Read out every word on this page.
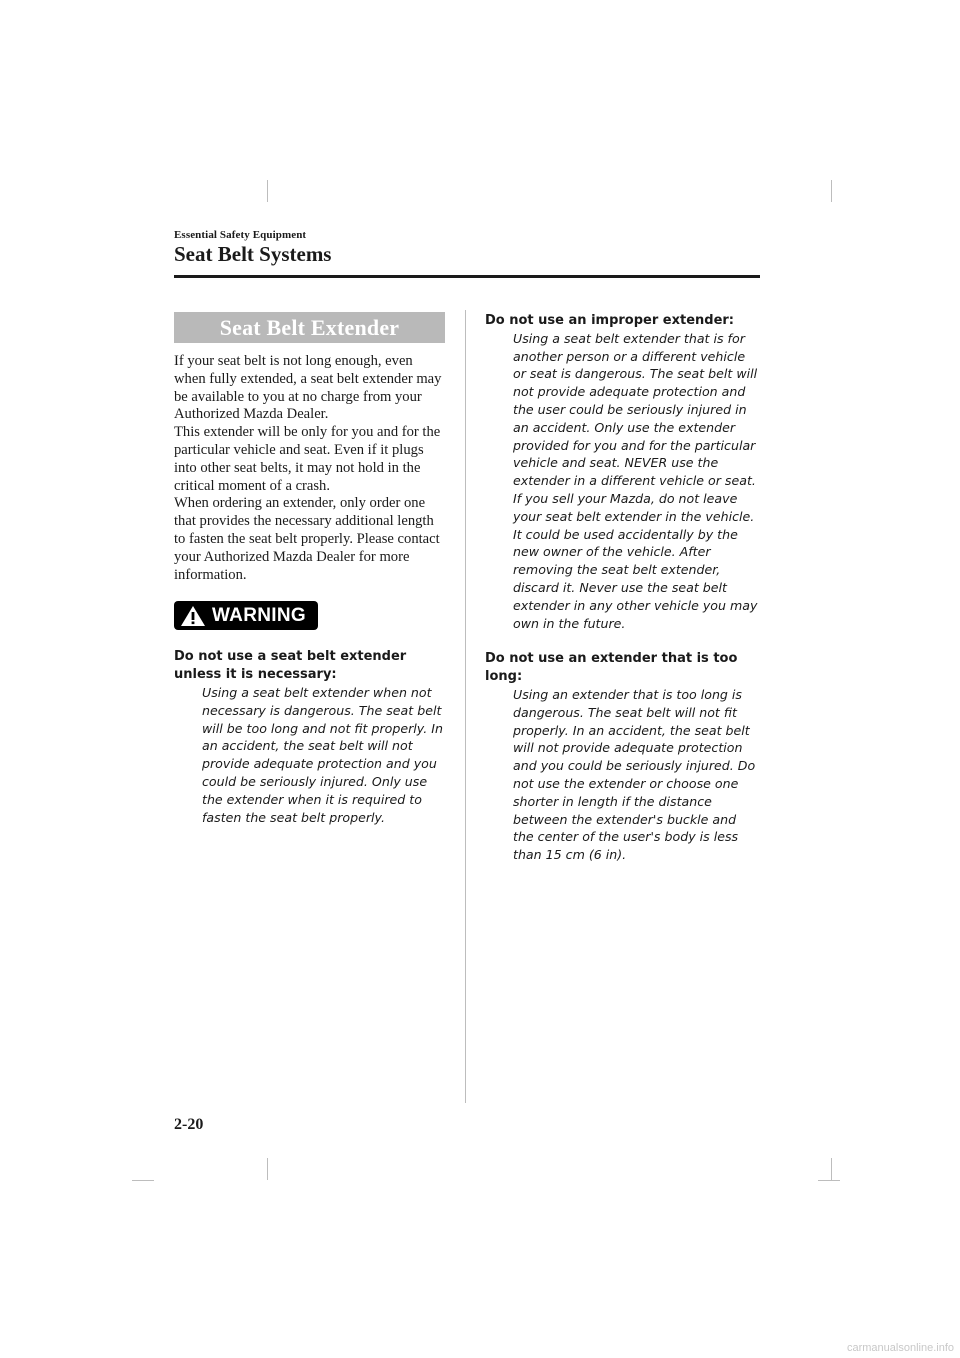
Essential Safety Equipment
Seat Belt Systems
Seat Belt Extender

If your seat belt is not long enough, even when fully extended, a seat belt extender may be available to you at no charge from your Authorized Mazda Dealer.

This extender will be only for you and for the particular vehicle and seat. Even if it plugs into other seat belts, it may not hold in the critical moment of a crash.

When ordering an extender, only order one that provides the necessary additional length to fasten the seat belt properly. Please contact your Authorized Mazda Dealer for more information.

WARNING

Do not use a seat belt extender unless it is necessary:

Using a seat belt extender when not necessary is dangerous. The seat belt will be too long and not fit properly. In an accident, the seat belt will not provide adequate protection and you could be seriously injured. Only use the extender when it is required to fasten the seat belt properly.

Do not use an improper extender:

Using a seat belt extender that is for another person or a different vehicle or seat is dangerous. The seat belt will not provide adequate protection and the user could be seriously injured in an accident. Only use the extender provided for you and for the particular vehicle and seat. NEVER use the extender in a different vehicle or seat. If you sell your Mazda, do not leave your seat belt extender in the vehicle. It could be used accidentally by the new owner of the vehicle. After removing the seat belt extender, discard it. Never use the seat belt extender in any other vehicle you may own in the future.

Do not use an extender that is too long:

Using an extender that is too long is dangerous. The seat belt will not fit properly. In an accident, the seat belt will not provide adequate protection and you could be seriously injured. Do not use the extender or choose one shorter in length if the distance between the extender's buckle and the center of the user's body is less than 15 cm (6 in).

2-20
carmanualsonline.info
